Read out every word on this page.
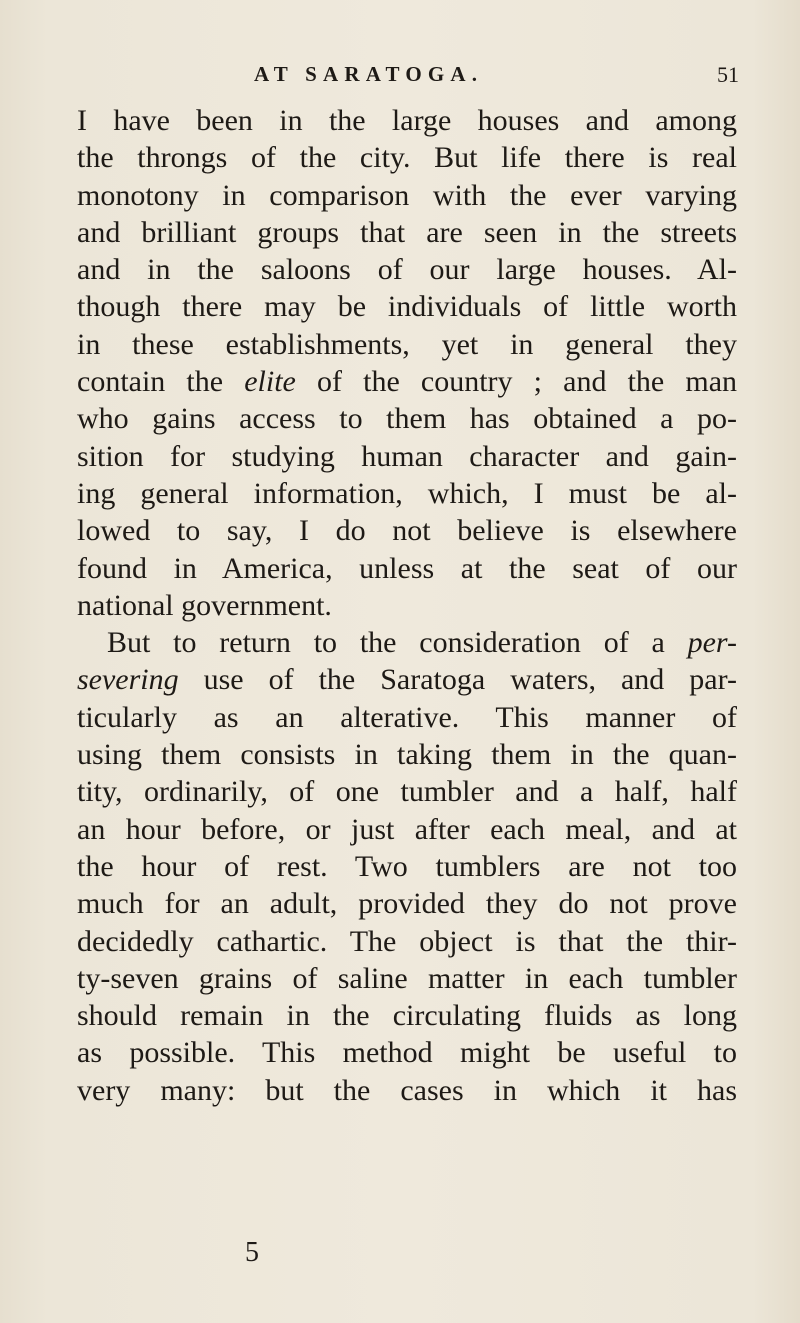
AT SARATOGA.	51
I have been in the large houses and among
the throngs of the city. But life there is real
monotony in comparison with the ever varying
and brilliant groups that are seen in the streets
and in the saloons of our large houses. Al-
though there may be individuals of little worth
in these establishments, yet in general they
contain the elite of the country ; and the man
who gains access to them has obtained a po-
sition for studying human character and gain-
ing general information, which, I must be al-
lowed to say, I do not believe is elsewhere
found in America, unless at the seat of our
national government.
But to return to the consideration of a per-
severing use of the Saratoga waters, and par-
ticularly as an alterative. This manner of
using them consists in taking them in the quan-
tity, ordinarily, of one tumbler and a half, half
an hour before, or just after each meal, and at
the hour of rest. Two tumblers are not too
much for an adult, provided they do not prove
decidedly cathartic. The object is that the thir-
ty-seven grains of saline matter in each tumbler
should remain in the circulating fluids as long
as possible. This method might be useful to
very many: but the cases in which it has
5
